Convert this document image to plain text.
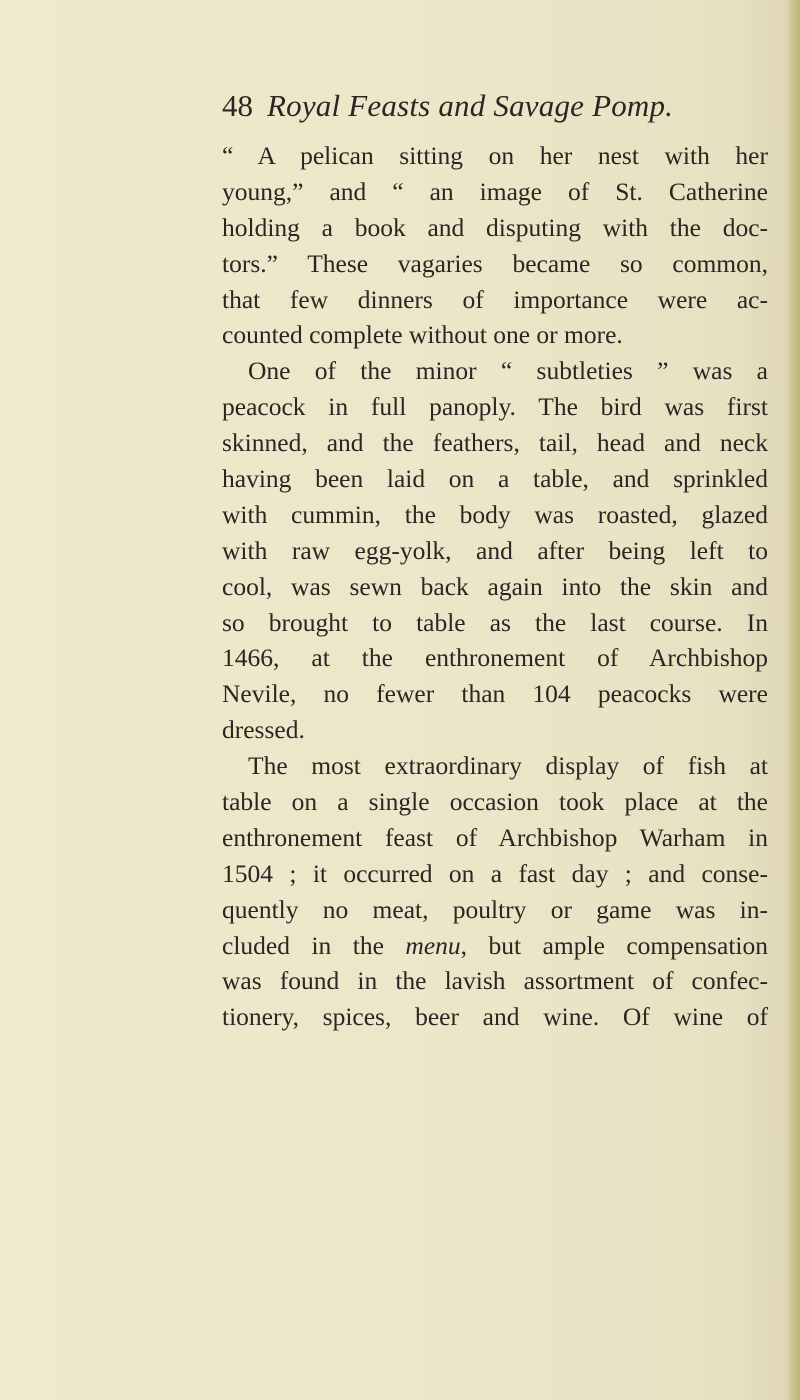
48 Royal Feasts and Savage Pomp.
“ A pelican sitting on her nest with her
young,” and “ an image of St. Catherine
holding a book and disputing with the doc-
tors.” These vagaries became so common,
that few dinners of importance were ac-
counted complete without one or more.
One of the minor “ subtleties ” was a
peacock in full panoply. The bird was first
skinned, and the feathers, tail, head and neck
having been laid on a table, and sprinkled
with cummin, the body was roasted, glazed
with raw egg-yolk, and after being left to
cool, was sewn back again into the skin and
so brought to table as the last course. In
1466, at the enthronement of Archbishop
Nevile, no fewer than 104 peacocks were
dressed.
The most extraordinary display of fish at
table on a single occasion took place at the
enthronement feast of Archbishop Warham in
1504 ; it occurred on a fast day ; and conse-
quently no meat, poultry or game was in-
cluded in the menu, but ample compensation
was found in the lavish assortment of confec-
tionery, spices, beer and wine. Of wine of
